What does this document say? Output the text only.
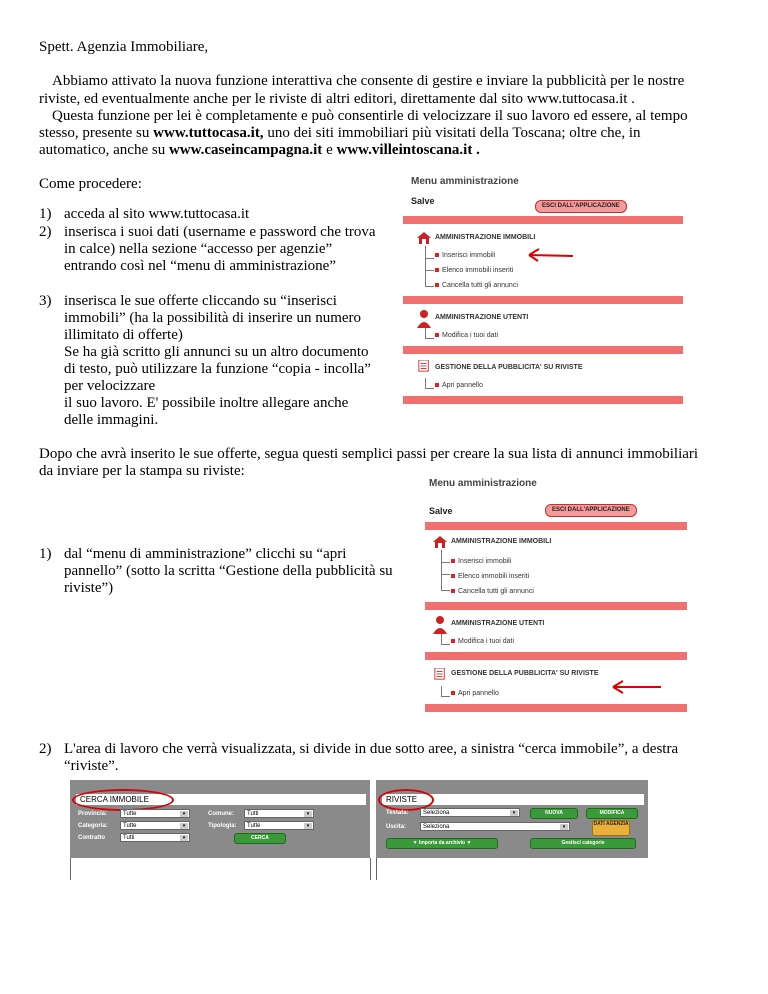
Spett. Agenzia Immobiliare,
Abbiamo attivato la nuova funzione interattiva che consente di gestire e inviare la pubblicità per le nostre
riviste, ed eventualmente anche per le riviste di altri editori, direttamente dal sito www.tuttocasa.it .
Questa funzione per lei è completamente e può consentirle di velocizzare il suo lavoro ed essere, al tempo
stesso, presente su www.tuttocasa.it, uno dei siti immobiliari più visitati della Toscana; oltre che, in
automatico, anche su www.caseincampagna.it e www.villeintoscana.it .
Come procedere:
1) acceda al sito www.tuttocasa.it
2) inserisca i suoi dati (username e password che trova
in calce) nella sezione “accesso per agenzie”
entrando così nel “menu di amministrazione”
3) inserisca le sue offerte cliccando su “inserisci
immobili” (ha la possibilità di inserire un numero
illimitato di offerte)
Se ha già scritto gli annunci su un altro documento
di testo, può utilizzare la funzione “copia - incolla”
per velocizzare
il suo lavoro. E' possibile inoltre allegare anche
delle immagini.
Menu amministrazione
Salve	ESCI DALL'APPLICAZIONE
AMMINISTRAZIONE IMMOBILI
Inserisci immobili
Elenco immobili inseriti
Cancella tutti gli annunci
AMMINISTRAZIONE UTENTI
Modifica i tuoi dati
GESTIONE DELLA PUBBLICITA' SU RIVISTE
Apri pannello
Dopo che avrà inserito le sue offerte, segua questi semplici passi per creare la sua lista di annunci immobiliari
da inviare per la stampa su riviste:
Menu amministrazione
Salve	ESCI DALL'APPLICAZIONE
AMMINISTRAZIONE IMMOBILI
Inserisci immobili
Elenco immobili inseriti
Cancella tutti gli annunci
AMMINISTRAZIONE UTENTI
Modifica i tuoi dati
GESTIONE DELLA PUBBLICITA' SU RIVISTE
Apri pannello
1) dal “menu di amministrazione” clicchi su “apri
pannello” (sotto la scritta “Gestione della pubblicità su
riviste”)
2) L'area di lavoro che verrà visualizzata, si divide in due sotto aree, a sinistra “cerca immobile”, a destra
“riviste”.
CERCA IMMOBILE
Provincia:	Tutte	▾	Comune:	Tutti	▾
Categoria:	Tutte	▾	Tipologia:	Tutte	▾
Contratto	Tutti	▾	CERCA
RIVISTE
Testata:	Seleziona	▾	NUOVA	MODIFICA
Uscita:	Seleziona	▾	DATI AGENZIA
▼ Importa da archivio ▼	Gestisci categorie
